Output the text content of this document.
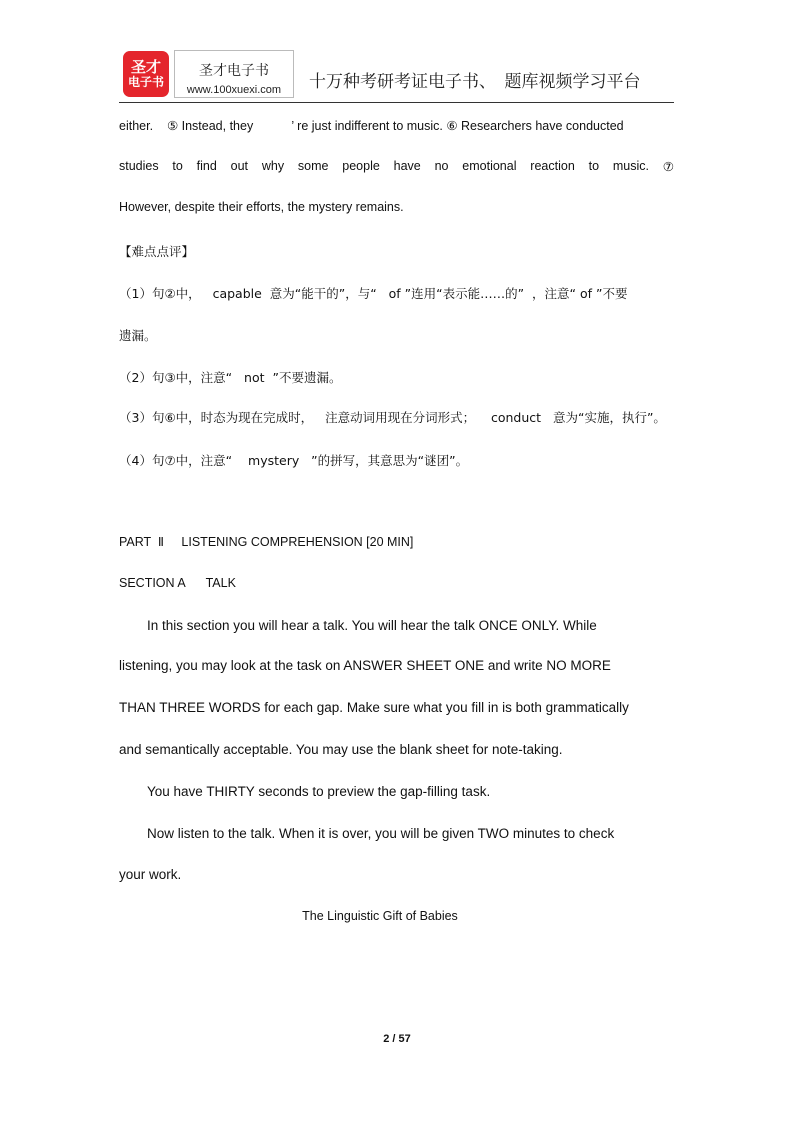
圣才
电子书
圣才电子书
www.100xuexi.com	十万种考研考证电子书、　题库视频学习平台
either.    ⑤ Instead, they           ’ re just indifferent to music. ⑥ Researchers have conducted
studies to find out why some people have no emotional reaction to music. ⑦
However, despite their efforts, the mystery remains.
【难点点评】
（1）句②中，   capable  意为“能干的”，与“   of ”连用“表示能……的”  ，注意“ of ”不要
遗漏。
（2）句③中，注意“   not  ”不要遗漏。
（3）句⑥中，时态为现在完成时，   注意动词用现在分词形式；    conduct   意为“实施，执行”。
（4）句⑦中，注意“    mystery   ”的拼写，其意思为“谜团”。
PART  Ⅱ     LISTENING COMPREHENSION [20 MIN]
SECTION A      TALK
In this section you will hear a talk. You will hear the talk ONCE ONLY. While
listening, you may look at the task on ANSWER SHEET ONE and write NO MORE
THAN THREE WORDS for each gap. Make sure what you fill in is both grammatically
and semantically acceptable. You may use the blank sheet for note-taking.
You have THIRTY seconds to preview the gap-filling task.
Now listen to the talk. When it is over, you will be given TWO minutes to check
your work.
The Linguistic Gift of Babies
2 / 57
